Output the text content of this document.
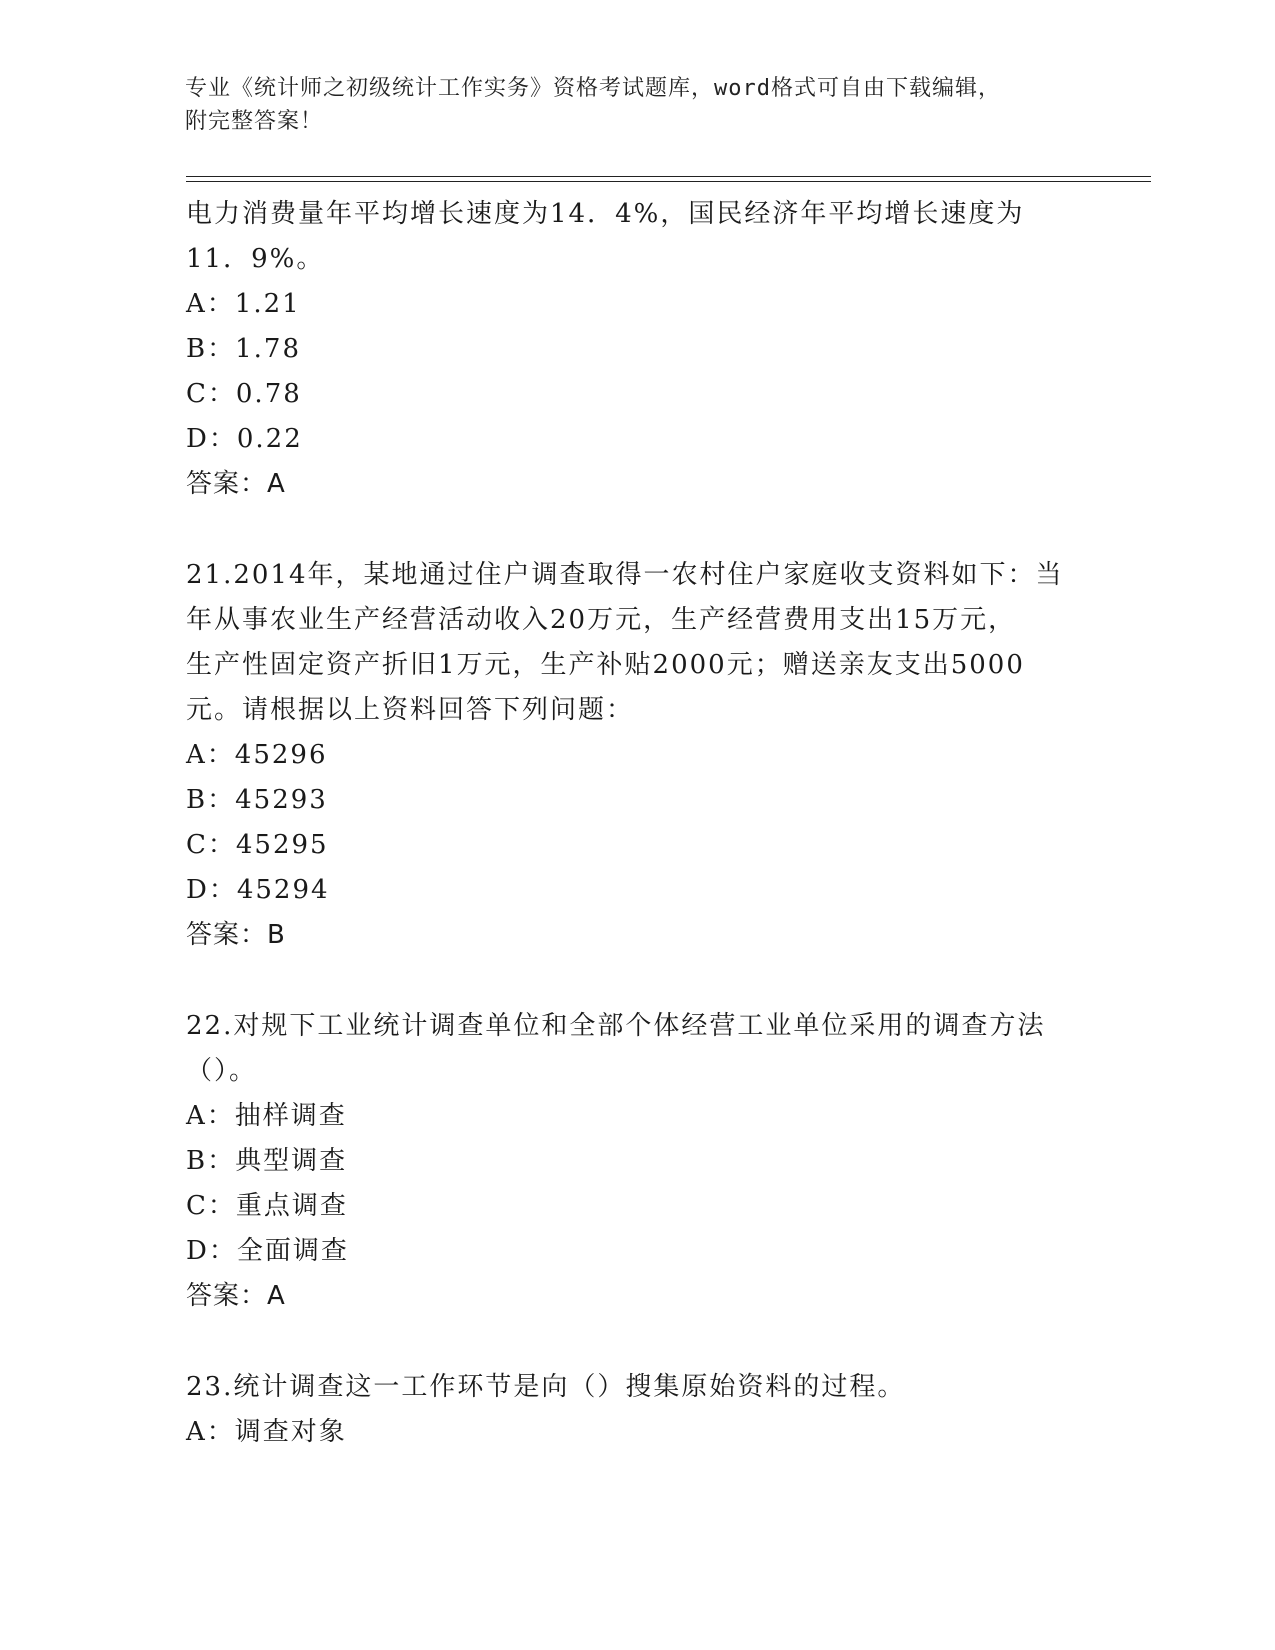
专业《统计师之初级统计工作实务》资格考试题库，word格式可自由下载编辑，
附完整答案！
电力消费量年平均增长速度为14．4%，国民经济年平均增长速度为
11．9%。
A：1.21
B：1.78
C：0.78
D：0.22
答案：A
21.2014年，某地通过住户调查取得一农村住户家庭收支资料如下：当
年从事农业生产经营活动收入20万元，生产经营费用支出15万元，
生产性固定资产折旧1万元，生产补贴2000元；赠送亲友支出5000
元。请根据以上资料回答下列问题：
A：45296
B：45293
C：45295
D：45294
答案：B
22.对规下工业统计调查单位和全部个体经营工业单位采用的调查方法
（）。
A：抽样调查
B：典型调查
C：重点调查
D：全面调查
答案：A
23.统计调查这一工作环节是向（）搜集原始资料的过程。
A：调查对象
